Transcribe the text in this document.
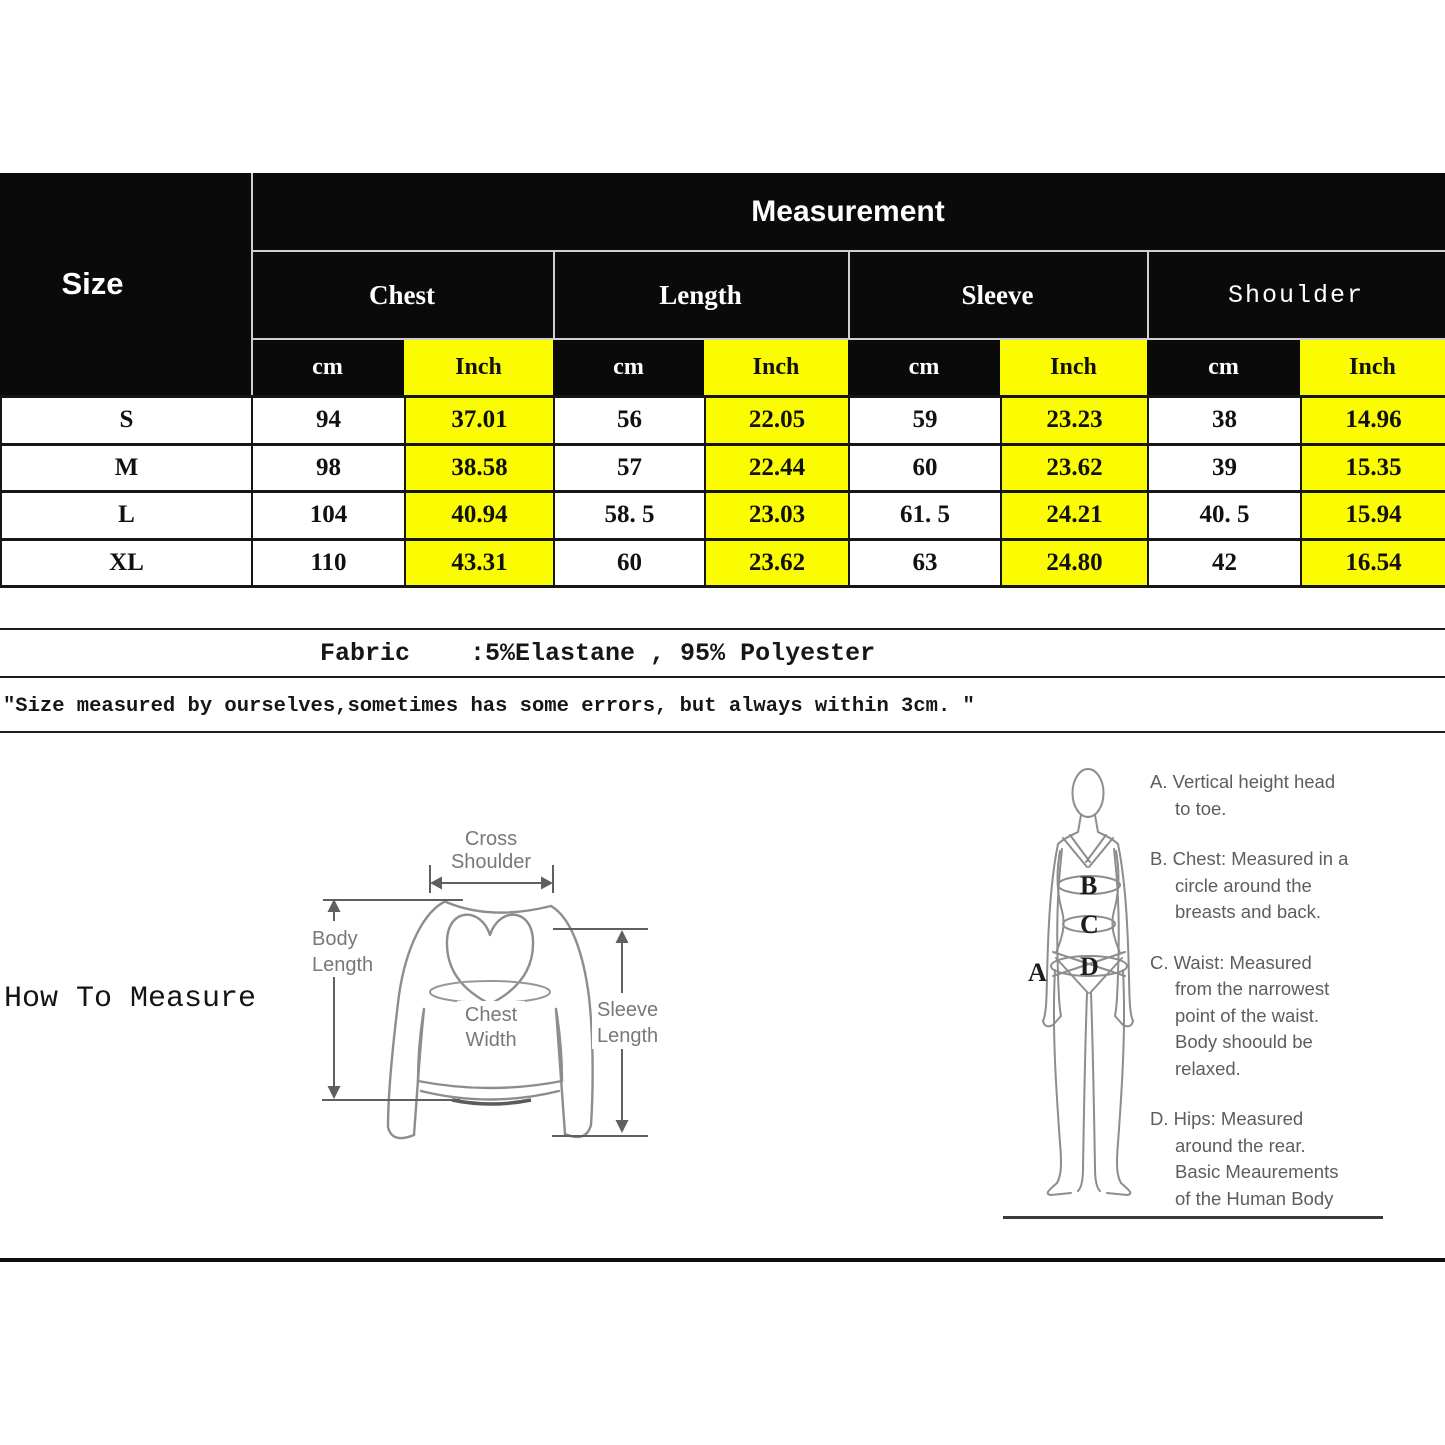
Size
Measurement
Chest	Length	Sleeve	Shoulder
cm	Inch	cm	Inch	cm	Inch	cm	Inch
S	94	37.01	56	22.05	59	23.23	38	14.96
M	98	38.58	57	22.44	60	23.62	39	15.35
L	104	40.94	58. 5	23.03	61. 5	24.21	40. 5	15.94
XL	110	43.31	60	23.62	63	24.80	42	16.54
Fabric    :5%Elastane , 95% Polyester
″Size measured by ourselves,sometimes has some errors, but always within 3cm. ″
How To Measure
Cross
Shoulder
Body
Length
Chest
Width
Sleeve
Length
A
B
C
D
A. Vertical height head
to toe.
B. Chest: Measured in a
circle around the
breasts and back.
C. Waist: Measured
from the narrowest
point of the waist.
Body shoould be
relaxed.
D. Hips: Measured
around the rear.
Basic Meaurements
of the Human Body
